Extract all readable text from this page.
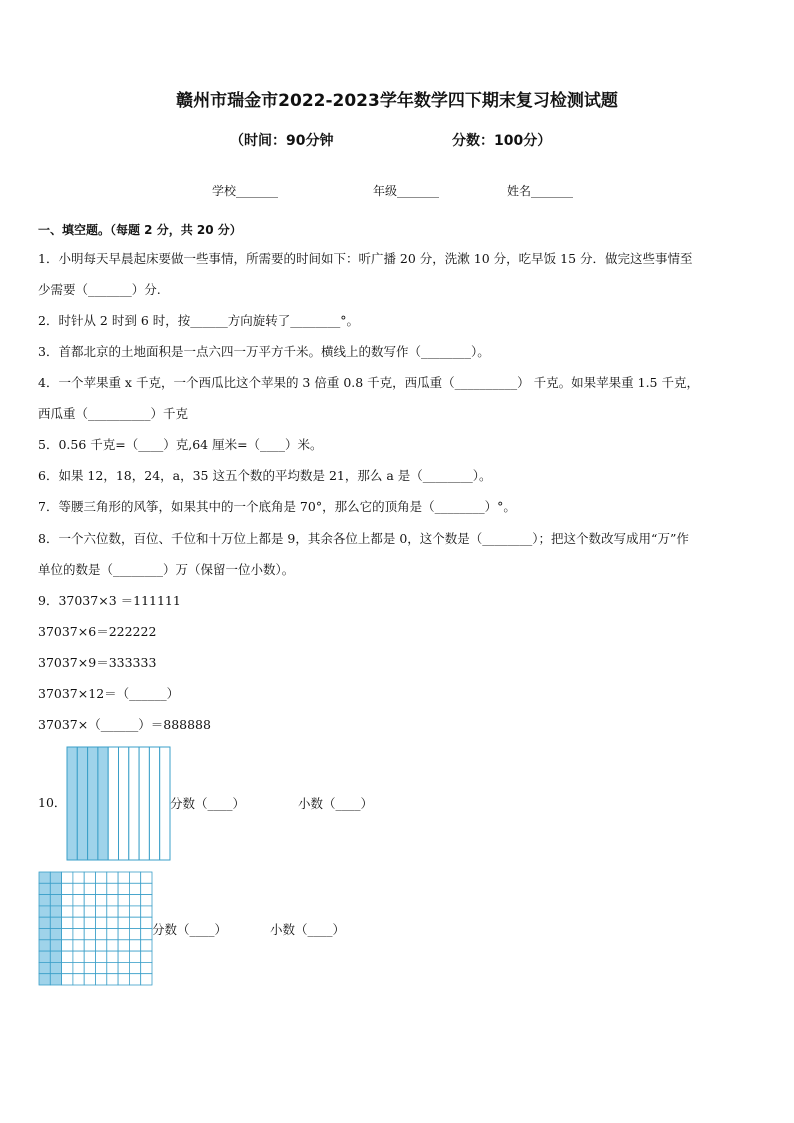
赣州市瑞金市2022-2023学年数学四下期末复习检测试题
（时间：90分钟	分数：100分）
学校_______	年级_______	姓名_______
一、填空题。（每题 2 分，共 20 分）
1．小明每天早晨起床要做一些事情，所需要的时间如下：听广播 20 分，洗漱 10 分，吃早饭 15 分．做完这些事情至
少需要（_______）分.
2．时针从 2 时到 6 时，按______方向旋转了________°。
3．首都北京的土地面积是一点六四一万平方千米。横线上的数写作（________）。
4．一个苹果重 x 千克，一个西瓜比这个苹果的 3 倍重 0.8 千克，西瓜重（__________） 千克。如果苹果重 1.5 千克，
西瓜重（__________）千克
5．0.56 千克=（____）克,64 厘米=（____）米。
6．如果 12，18，24，a，35 这五个数的平均数是 21，那么 a 是（________）。
7．等腰三角形的风筝，如果其中的一个底角是 70°，那么它的顶角是（________）°。
8．一个六位数，百位、千位和十万位上都是 9，其余各位上都是 0，这个数是（________）；把这个数改写成用“万”作
单位的数是（________）万（保留一位小数）。
9．37037×3 ＝111111
37037×6＝222222
37037×9＝333333
37037×12＝（______）
37037×（______）＝888888
10．	分数（____）	小数（____）
分数（____）	小数（____）
